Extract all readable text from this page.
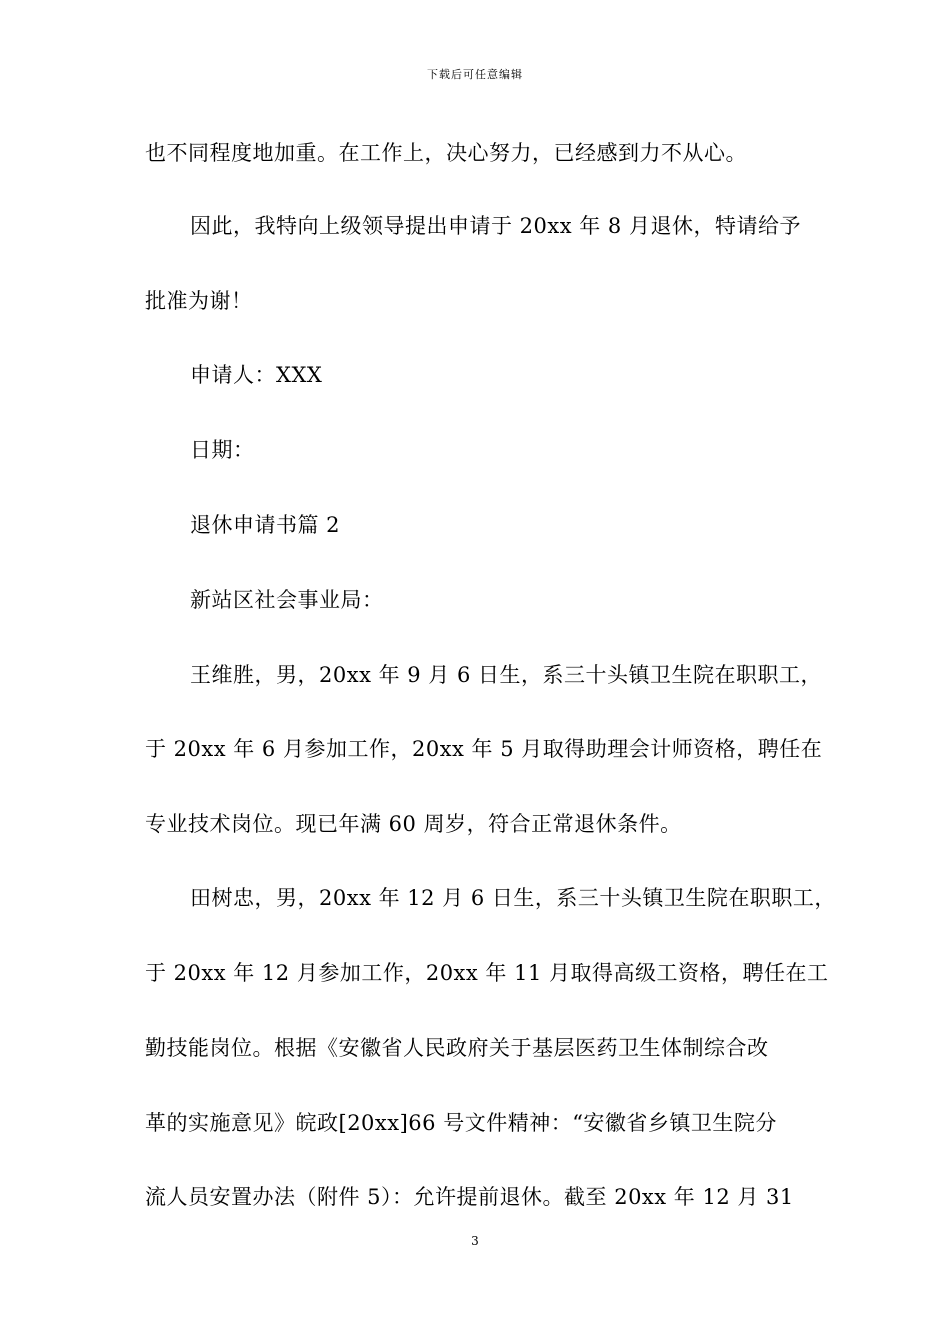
下载后可任意编辑
也不同程度地加重。在工作上，决心努力，已经感到力不从心。
因此，我特向上级领导提出申请于 20xx 年 8 月退休，特请给予
批准为谢！
申请人：XXX
日期：
退休申请书篇 2
新站区社会事业局：
王维胜，男，20xx 年 9 月 6 日生，系三十头镇卫生院在职职工，
于 20xx 年 6 月参加工作，20xx 年 5 月取得助理会计师资格，聘任在
专业技术岗位。现已年满 60 周岁，符合正常退休条件。
田树忠，男，20xx 年 12 月 6 日生，系三十头镇卫生院在职职工，
于 20xx 年 12 月参加工作，20xx 年 11 月取得高级工资格，聘任在工
勤技能岗位。根据《安徽省人民政府关于基层医药卫生体制综合改
革的实施意见》皖政[20xx]66 号文件精神：“安徽省乡镇卫生院分
流人员安置办法（附件 5）：允许提前退休。截至 20xx 年 12 月 31
3
